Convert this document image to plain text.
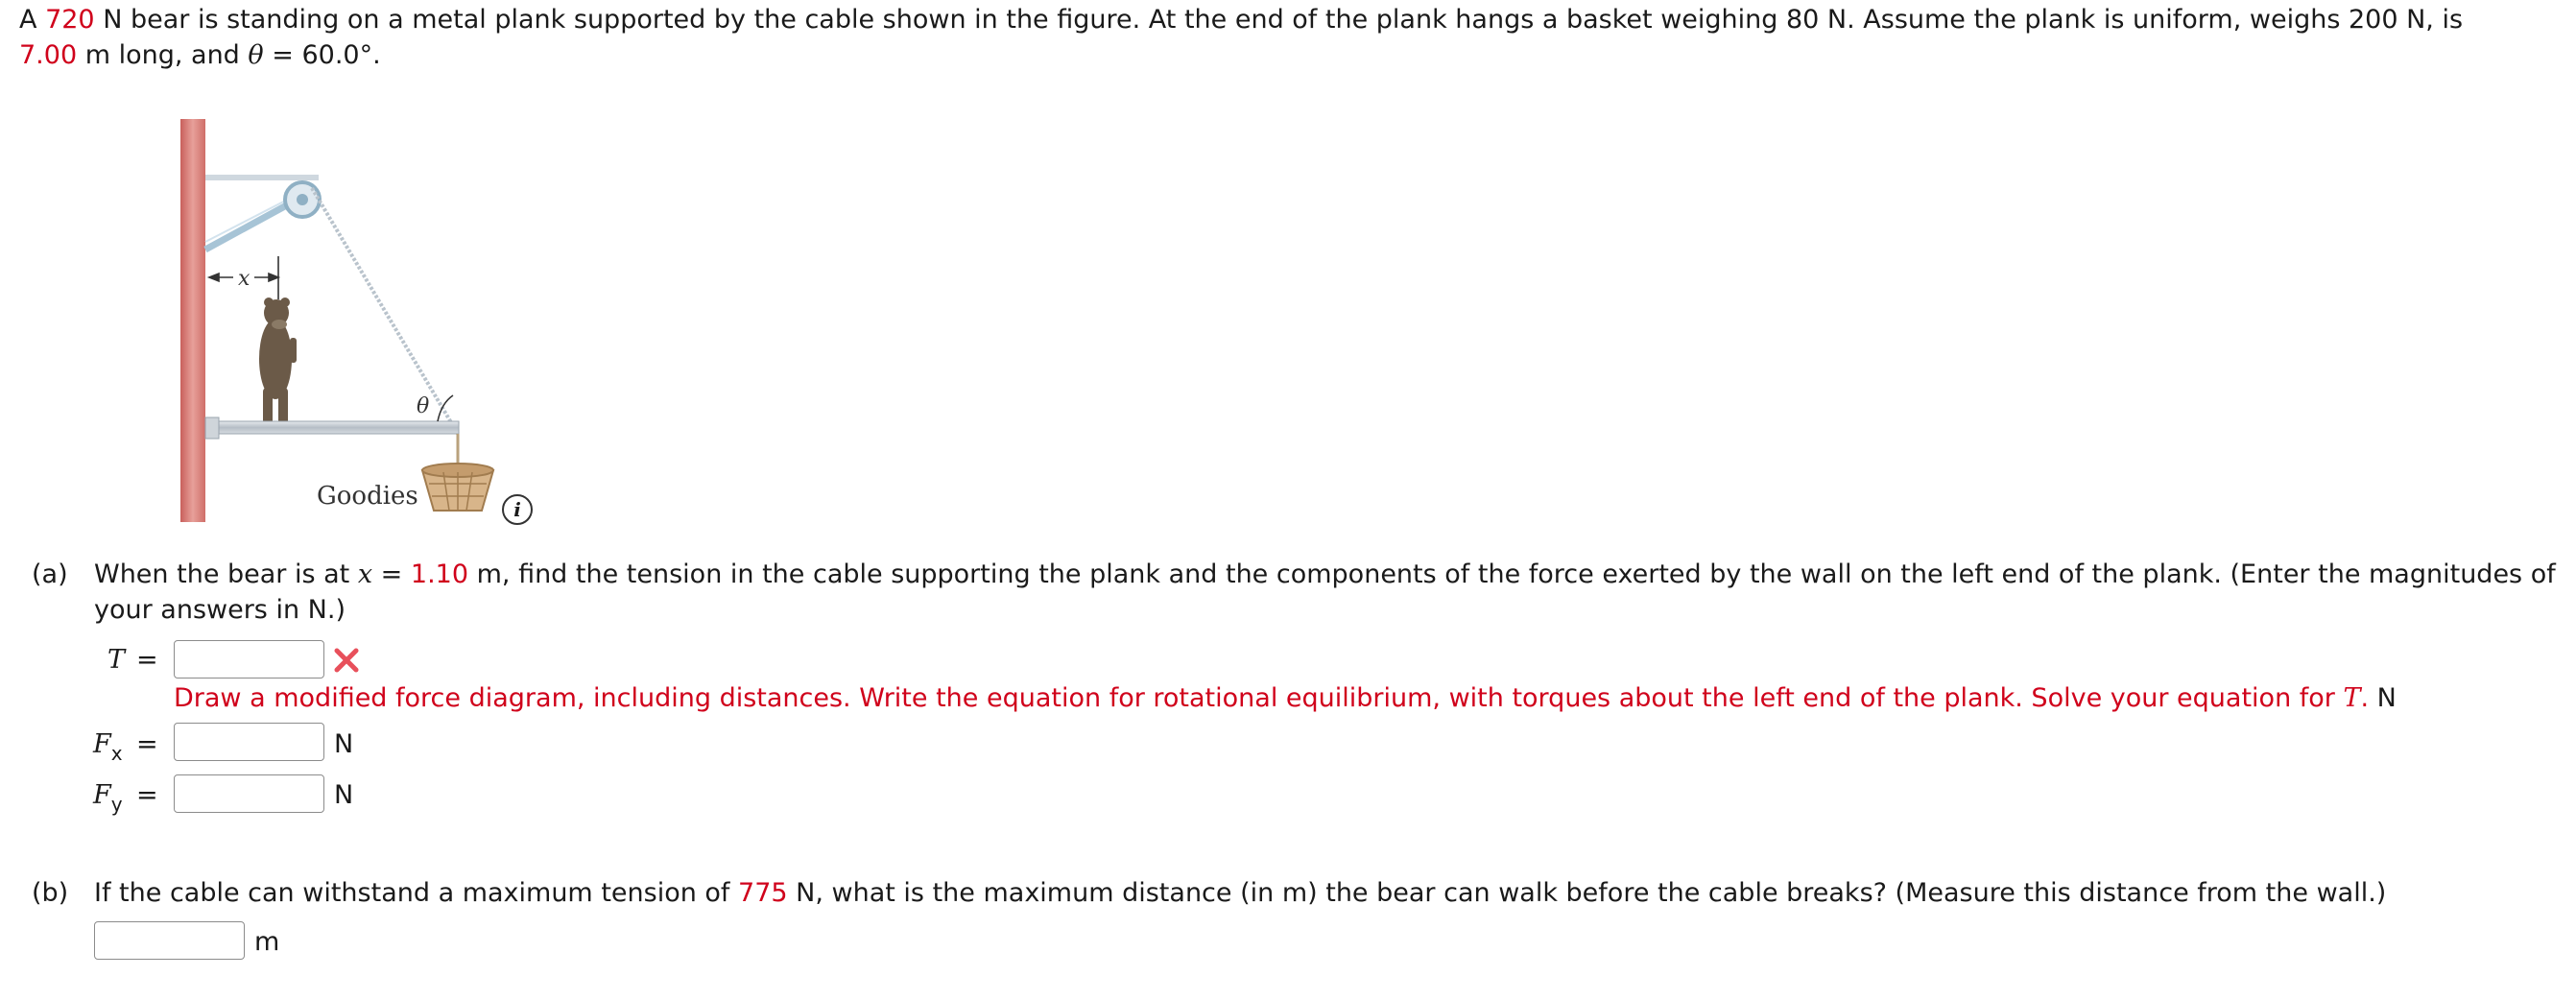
A 720 N bear is standing on a metal plank supported by the cable shown in the figure. At the end of the plank hangs a basket weighing 80 N. Assume the plank is uniform, weighs 200 N, is
7.00 m long, and θ = 60.0°.
x
θ
Goodies	i
(a) When the bear is at x = 1.10 m, find the tension in the cable supporting the plank and the components of the force exerted by the wall on the left end of the plank. (Enter the magnitudes of your answers in N.)
T =
Draw a modified force diagram, including distances. Write the equation for rotational equilibrium, with torques about the left end of the plank. Solve your equation for T. N
$F_x$ =	N
$F_y$ =	N
(b) If the cable can withstand a maximum tension of 775 N, what is the maximum distance (in m) the bear can walk before the cable breaks? (Measure this distance from the wall.)
m
